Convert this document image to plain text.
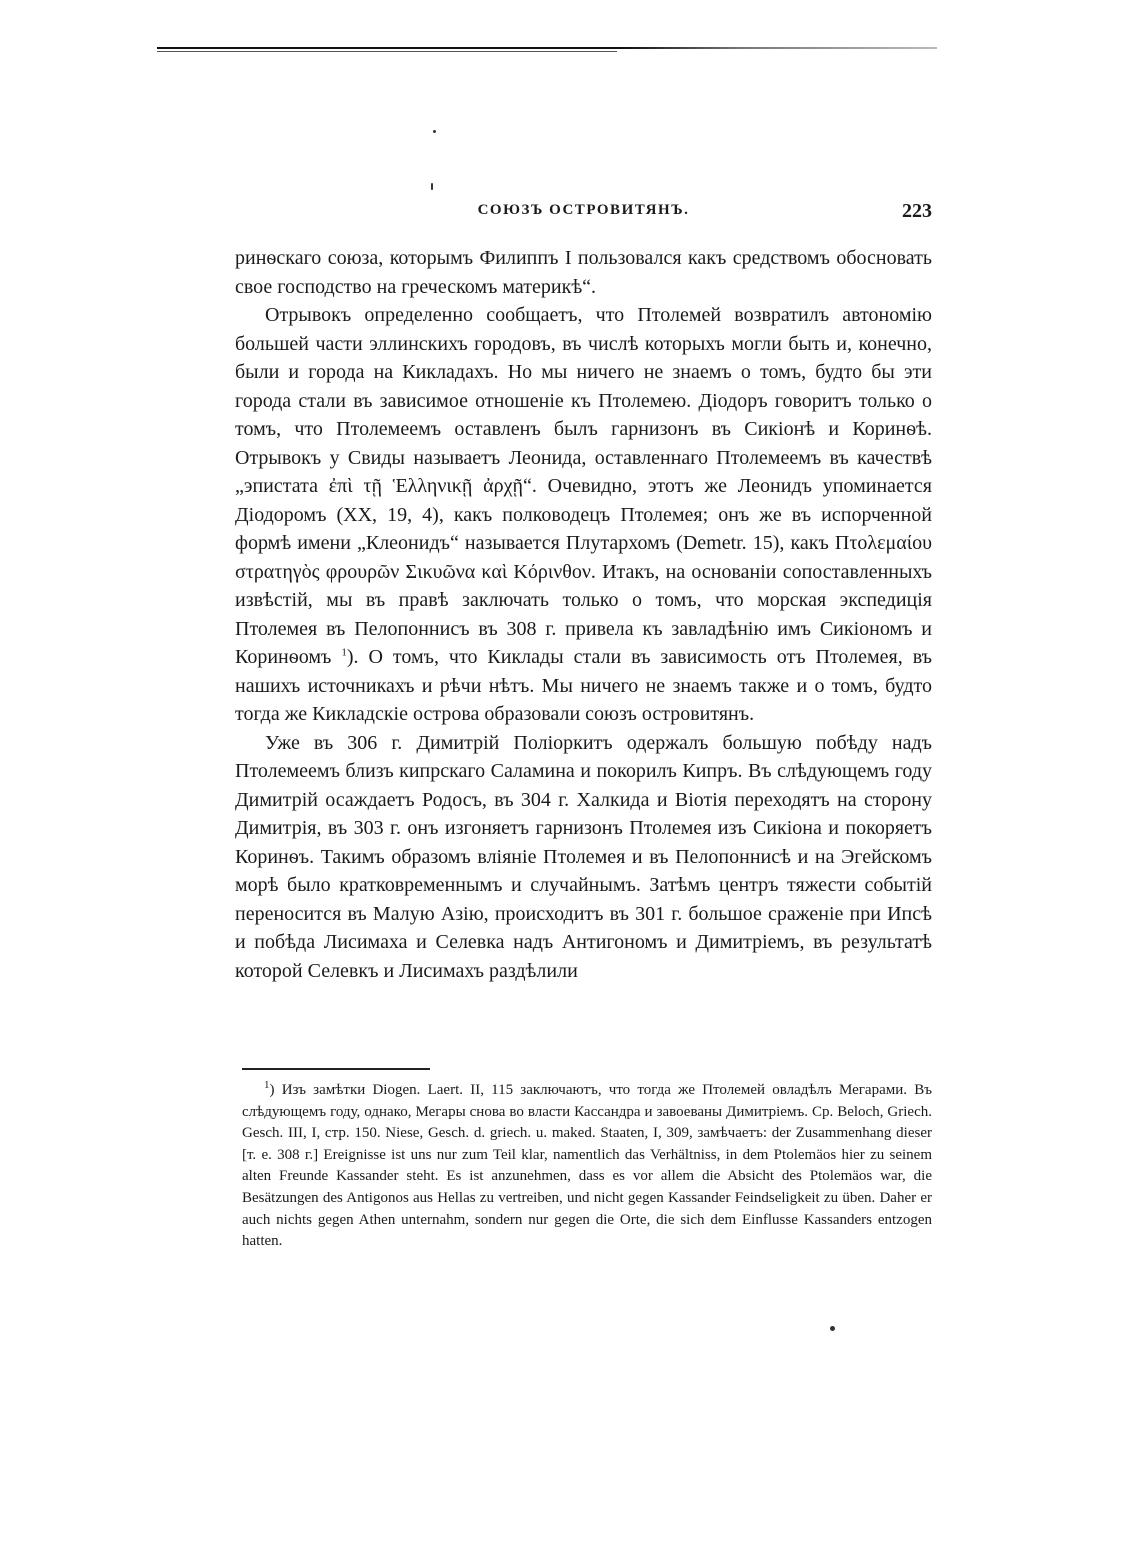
СОЮЗЪ ОСТРОВИТЯНЪ.	223

ринѳскаго союза, которымъ Филиппъ I пользовался какъ средствомъ обосновать свое господство на греческомъ материкѣ“.

Отрывокъ определенно сообщаетъ, что Птолемей возвратилъ автономію большей части эллинскихъ городовъ, въ числѣ которыхъ могли быть и, конечно, были и города на Кикладахъ. Но мы ничего не знаемъ о томъ, будто бы эти города стали въ зависимое отношеніе къ Птолемею. Діодоръ говоритъ только о томъ, что Птолемеемъ оставленъ былъ гарнизонъ въ Сикіонѣ и Коринѳѣ. Отрывокъ у Свиды называетъ Леонида, оставленнаго Птолемеемъ въ качествѣ „эпистата ἐπὶ τῇ Ἑλληνικῇ ἀρχῇ“. Очевидно, этотъ же Леонидъ упоминается Діодоромъ (XX, 19, 4), какъ полководецъ Птолемея; онъ же въ испорченной формѣ имени „Клеонидъ“ называется Плутархомъ (Demetr. 15), какъ Πτολεμαίου στρατηγὸς φρουρῶν Σικυῶνα καὶ Κόρινθον. Итакъ, на основаніи сопоставленныхъ извѣстій, мы въ правѣ заключать только о томъ, что морская экспедиція Птолемея въ Пелопоннисъ въ 308 г. привела къ завладѣнію имъ Сикіономъ и Коринѳомъ $^1$). О томъ, что Киклады стали въ зависимость отъ Птолемея, въ нашихъ источникахъ и рѣчи нѣтъ. Мы ничего не знаемъ также и о томъ, будто тогда же Кикладскіе острова образовали союзъ островитянъ.

Уже въ 306 г. Димитрій Поліоркитъ одержалъ большую побѣду надъ Птолемеемъ близъ кипрскаго Саламина и покорилъ Кипръ. Въ слѣдующемъ году Димитрій осаждаетъ Родосъ, въ 304 г. Халкида и Віотія переходятъ на сторону Димитрія, въ 303 г. онъ изгоняетъ гарнизонъ Птолемея изъ Сикіона и покоряетъ Коринѳъ. Такимъ образомъ вліяніе Птолемея и въ Пелопоннисѣ и на Эгейскомъ морѣ было кратковременнымъ и случайнымъ. Затѣмъ центръ тяжести событій переносится въ Малую Азію, происходитъ въ 301 г. большое сраженіе при Ипсѣ и побѣда Лисимаха и Селевка надъ Антигономъ и Димитріемъ, въ результатѣ которой Селевкъ и Лисимахъ раздѣлили

$^1$) Изъ замѣтки Diogen. Laert. II, 115 заключаютъ, что тогда же Птолемей овладѣлъ Мегарами. Въ слѣдующемъ году, однако, Мегары снова во власти Кассандра и завоеваны Димитріемъ. Ср. Beloch, Griech. Gesch. III, I, стр. 150. Niese, Gesch. d. griech. u. maked. Staaten, I, 309, замѣчаетъ: der Zusammenhang dieser [т. е. 308 г.] Ereignisse ist uns nur zum Teil klar, namentlich das Verhältniss, in dem Ptolemäos hier zu seinem alten Freunde Kassander steht. Es ist anzunehmen, dass es vor allem die Absicht des Ptolemäos war, die Besätzungen des Antigonos aus Hellas zu vertreiben, und nicht gegen Kassander Feindseligkeit zu üben. Daher er auch nichts gegen Athen unternahm, sondern nur gegen die Orte, die sich dem Einflusse Kassanders entzogen hatten.
